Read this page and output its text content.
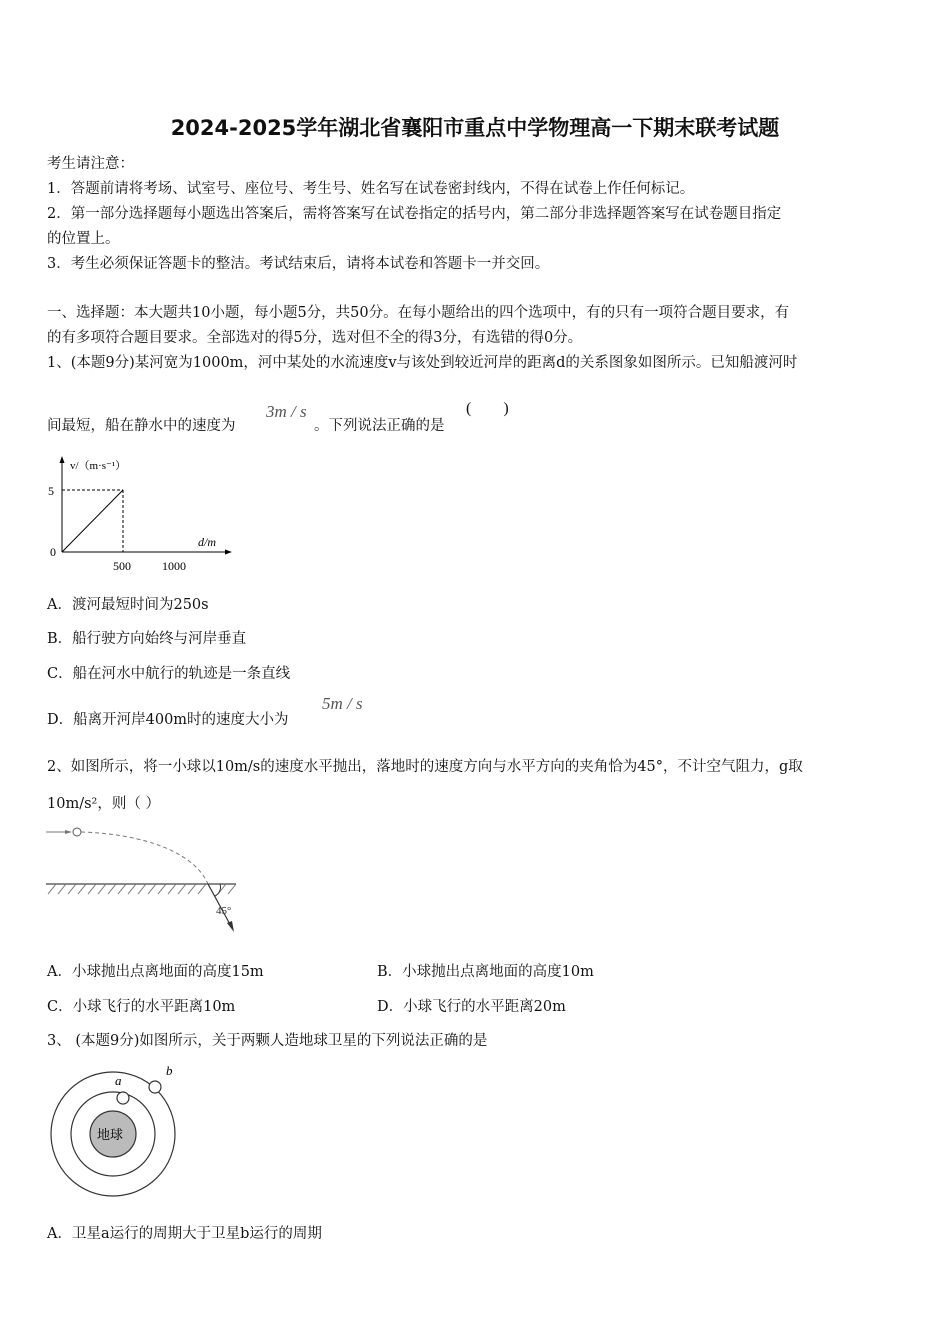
2024-2025学年湖北省襄阳市重点中学物理高一下期末联考试题
考生请注意：
1．答题前请将考场、试室号、座位号、考生号、姓名写在试卷密封线内，不得在试卷上作任何标记。
2．第一部分选择题每小题选出答案后，需将答案写在试卷指定的括号内，第二部分非选择题答案写在试卷题目指定
的位置上。
3．考生必须保证答题卡的整洁。考试结束后，请将本试卷和答题卡一并交回。
一、选择题：本大题共10小题，每小题5分，共50分。在每小题给出的四个选项中，有的只有一项符合题目要求，有
的有多项符合题目要求。全部选对的得5分，选对但不全的得3分，有选错的得0分。
1、(本题9分)某河宽为1000m，河中某处的水流速度v与该处到较近河岸的距离d的关系图象如图所示。已知船渡河时
间最短，船在静水中的速度为
3m / s
。下列说法正确的是
(        )
v/（m·s⁻¹）
d/m
5
0
500	1000
A．渡河最短时间为250s
B．船行驶方向始终与河岸垂直
C．船在河水中航行的轨迹是一条直线
D．船离开河岸400m时的速度大小为
5m / s
2、如图所示，将一小球以10m/s的速度水平抛出，落地时的速度方向与水平方向的夹角恰为45°，不计空气阻力，g取
10m/s²，则（ ）
45°
A．小球抛出点离地面的高度15m	B．小球抛出点离地面的高度10m
C．小球飞行的水平距离10m	D．小球飞行的水平距离20m
3、 (本题9分)如图所示，关于两颗人造地球卫星的下列说法正确的是
地球
a
b
A．卫星a运行的周期大于卫星b运行的周期
